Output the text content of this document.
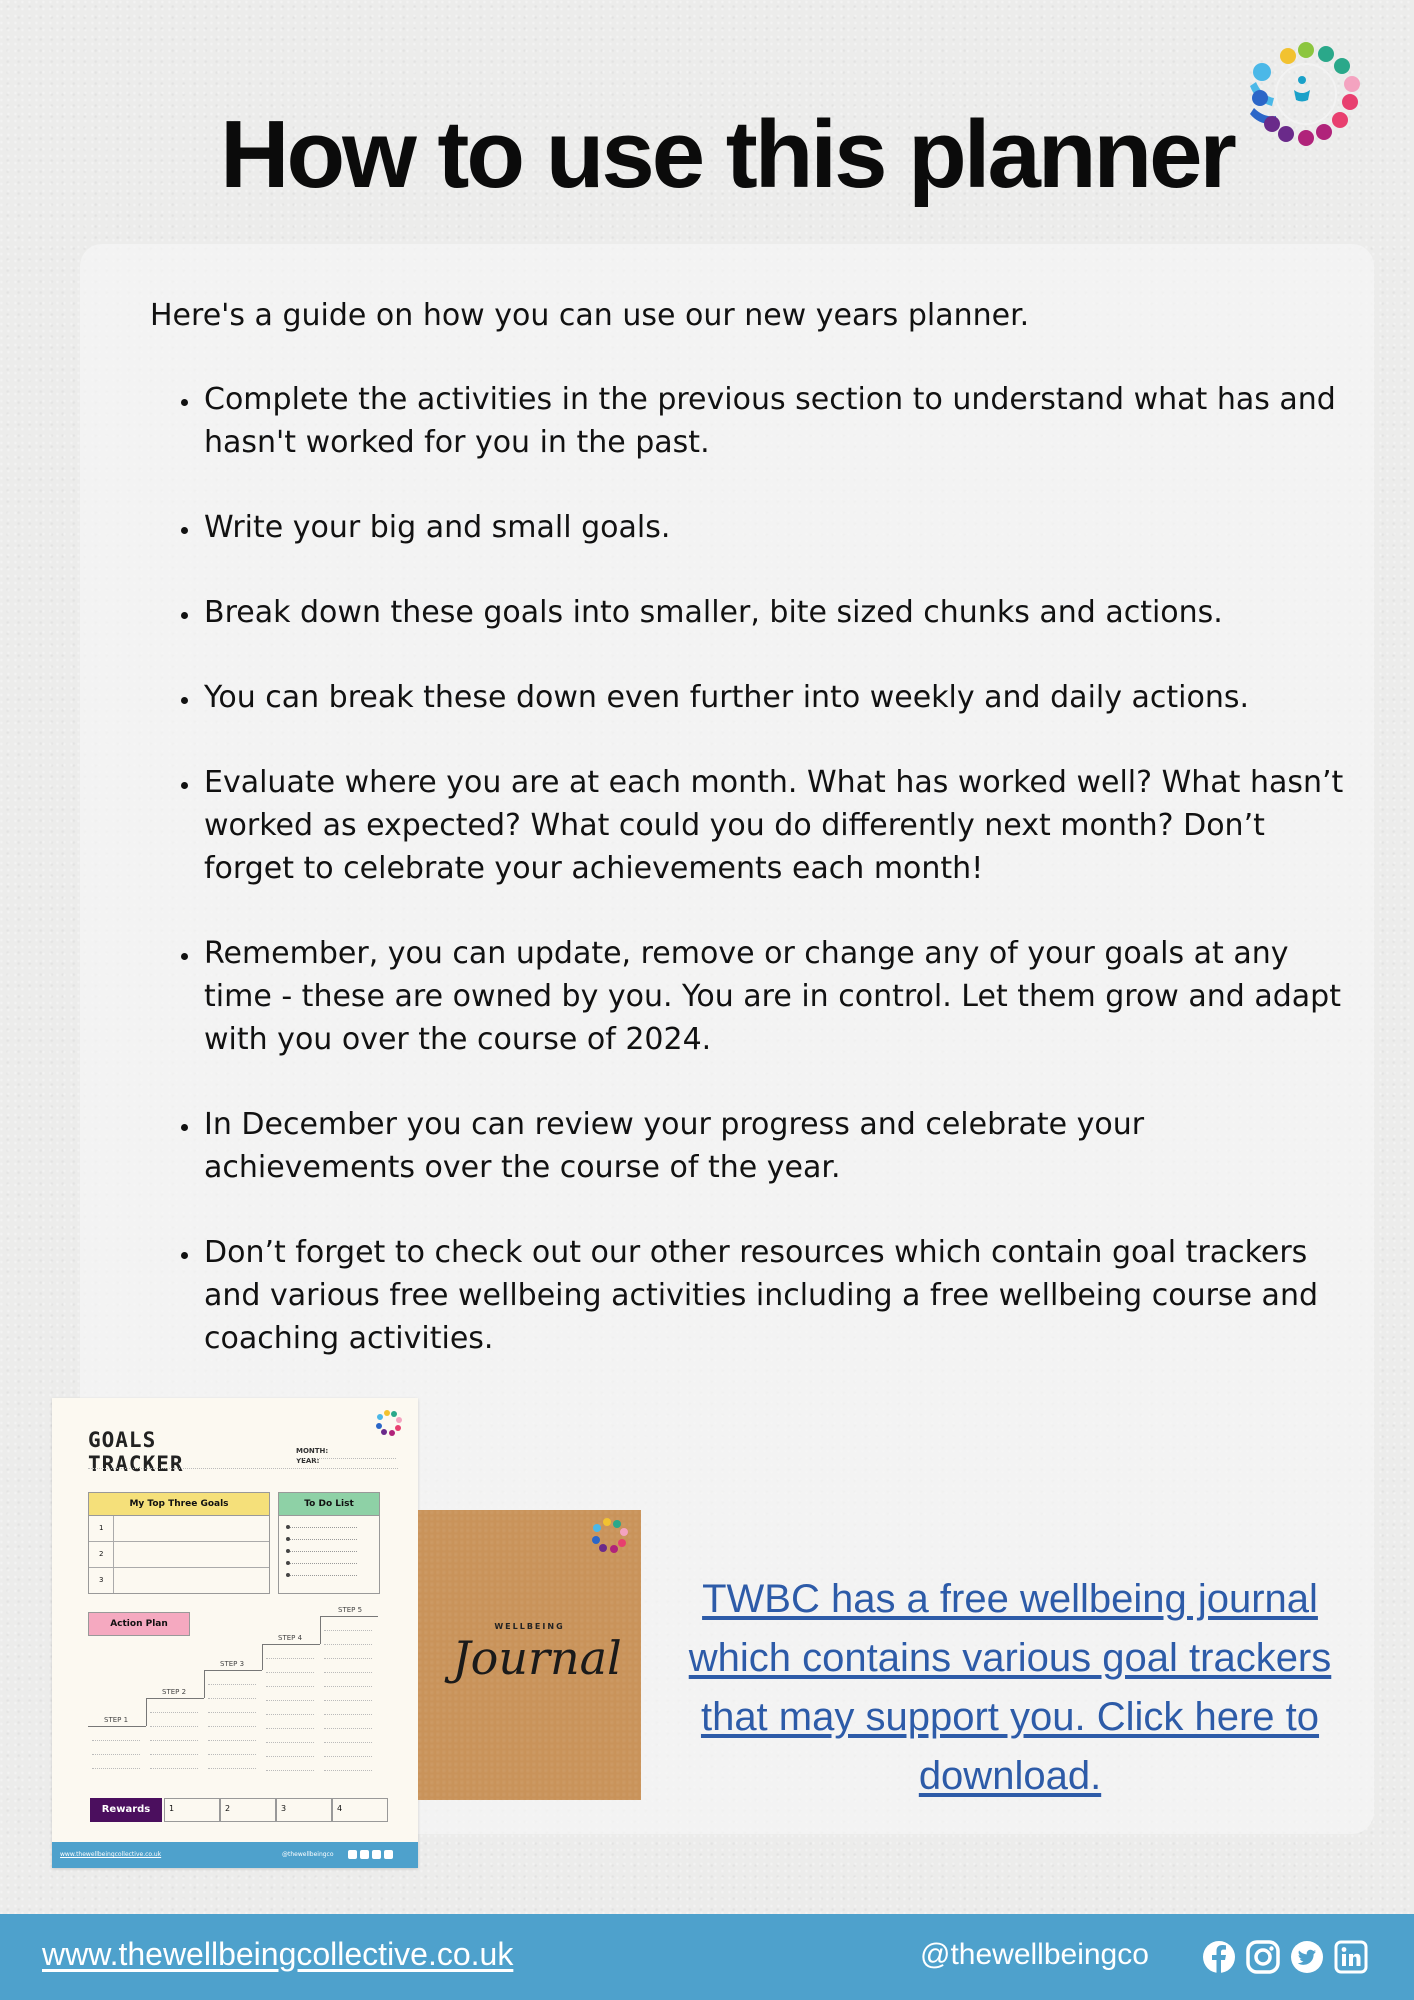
How to use this planner

Here's a guide on how you can use our new years planner.

• Complete the activities in the previous section to understand what has and hasn't worked for you in the past.
• Write your big and small goals.
• Break down these goals into smaller, bite sized chunks and actions.
• You can break these down even further into weekly and daily actions.
• Evaluate where you are at each month. What has worked well? What hasn’t worked as expected? What could you do differently next month? Don’t forget to celebrate your achievements each month!
• Remember, you can update, remove or change any of your goals at any time - these are owned by you. You are in control. Let them grow and adapt with you over the course of 2024.
• In December you can review your progress and celebrate your achievements over the course of the year.
• Don’t forget to check out our other resources which contain goal trackers and various free wellbeing activities including a free wellbeing course and coaching activities.
GOALS
TRACKER
MONTH:
YEAR:
My Top Three Goals
1
2
3
To Do List
Action Plan
STEP 1
STEP 2
STEP 3
STEP 4
STEP 5
Rewards	1	2	3	4
www.thewellbeingcollective.co.uk	@thewellbeingco
WELLBEING
Journal

TWBC has a free wellbeing journal which contains various goal trackers that may support you. Click here to download.

www.thewellbeingcollective.co.uk	@thewellbeingco
